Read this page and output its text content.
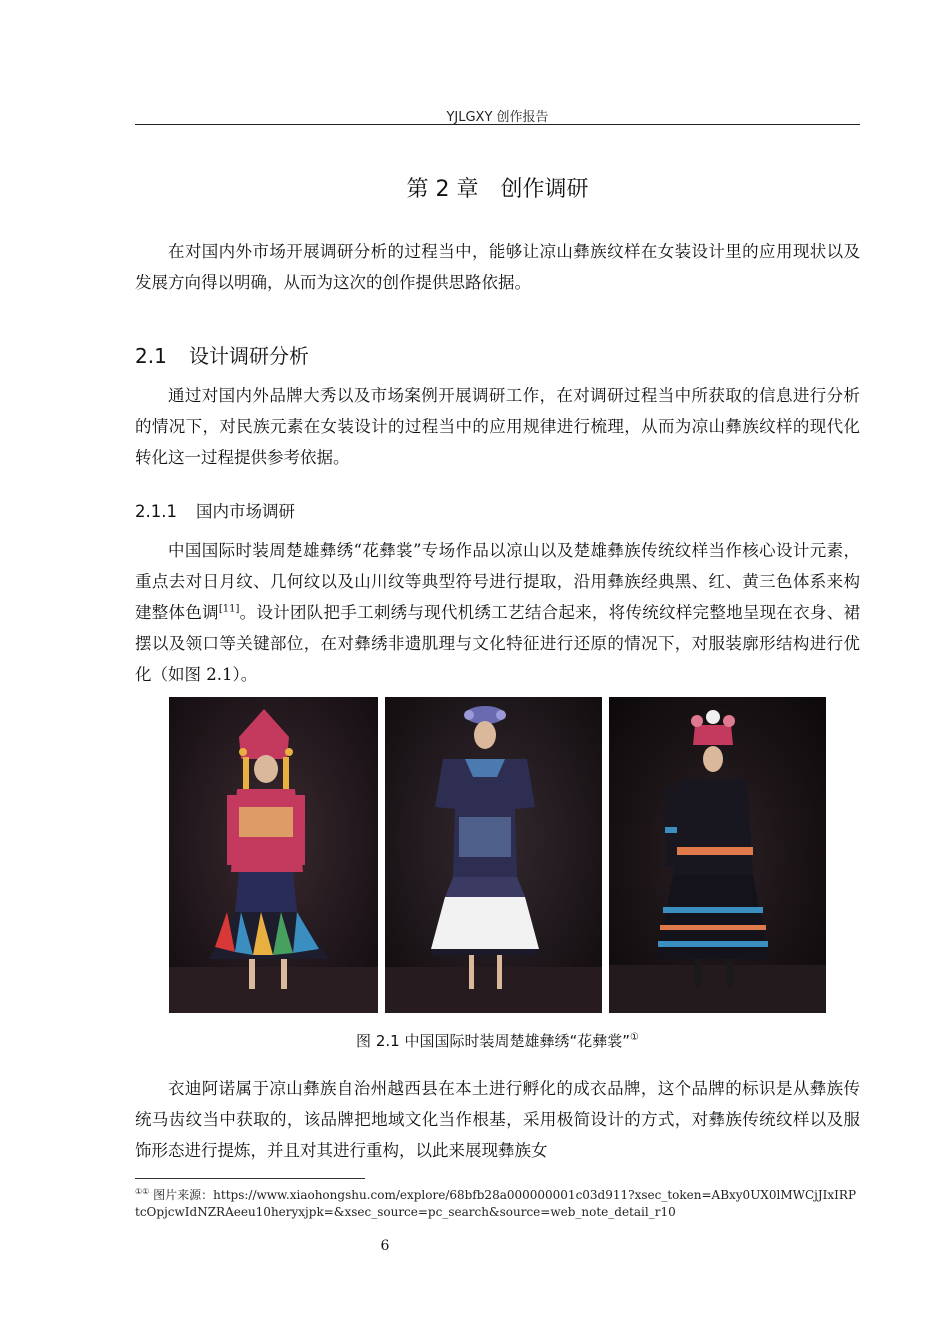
YJLGXY 创作报告
第 2 章　创作调研

在对国内外市场开展调研分析的过程当中，能够让凉山彝族纹样在女装设计里的应用现状以及发展方向得以明确，从而为这次的创作提供思路依据。

2.1 设计调研分析

通过对国内外品牌大秀以及市场案例开展调研工作，在对调研过程当中所获取的信息进行分析的情况下，对民族元素在女装设计的过程当中的应用规律进行梳理，从而为凉山彝族纹样的现代化转化这一过程提供参考依据。

2.1.1 国内市场调研

中国国际时装周楚雄彝绣“花彝裳”专场作品以凉山以及楚雄彝族传统纹样当作核心设计元素，重点去对日月纹、几何纹以及山川纹等典型符号进行提取，沿用彝族经典黑、红、黄三色体系来构建整体色调[11]。设计团队把手工刺绣与现代机绣工艺结合起来，将传统纹样完整地呈现在衣身、裙摆以及领口等关键部位，在对彝绣非遗肌理与文化特征进行还原的情况下，对服装廓形结构进行优化（如图 2.1）。

图 2.1 中国国际时装周楚雄彝绣“花彝裳”①

衣迪阿诺属于凉山彝族自治州越西县在本土进行孵化的成衣品牌，这个品牌的标识是从彝族传统马齿纹当中获取的，该品牌把地域文化当作根基，采用极简设计的方式，对彝族传统纹样以及服饰形态进行提炼，并且对其进行重构，以此来展现彝族女

①① 图片来源：https://www.xiaohongshu.com/explore/68bfb28a000000001c03d911?xsec_token=ABxy0UX0lMWCjJIxIRPtcOpjcwIdNZRAeeu10heryxjpk=&xsec_source=pc_search&source=web_note_detail_r10
6
